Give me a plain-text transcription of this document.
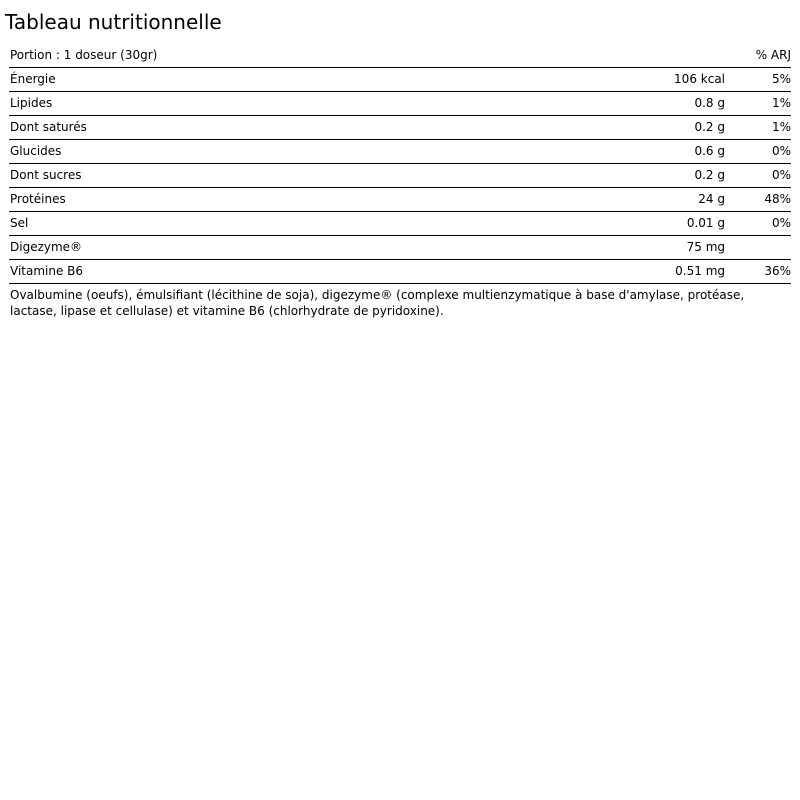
Tableau nutritionnelle
Portion : 1 doseur (30gr)		% ARJ
Énergie	106 kcal	5%
Lipides	0.8 g	1%
Dont saturés	0.2 g	1%
Glucides	0.6 g	0%
Dont sucres	0.2 g	0%
Protéines	24 g	48%
Sel	0.01 g	0%
Digezyme®	75 mg	
Vitamine B6	0.51 mg	36%

Ovalbumine (oeufs), émulsifiant (lécithine de soja), digezyme® (complexe multienzymatique à base d'amylase, protéase, lactase, lipase et cellulase) et vitamine B6 (chlorhydrate de pyridoxine).
